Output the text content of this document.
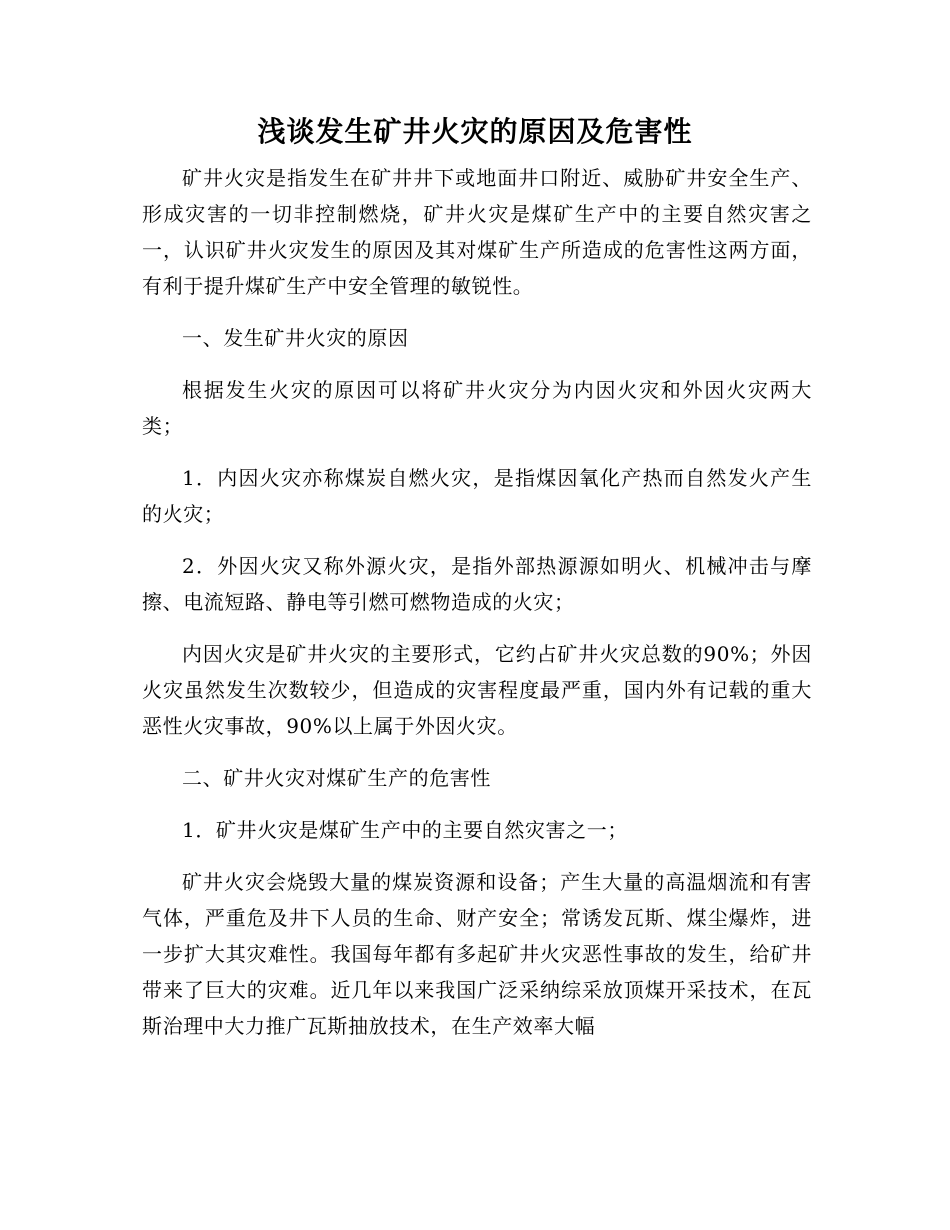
浅谈发生矿井火灾的原因及危害性

矿井火灾是指发生在矿井井下或地面井口附近、威胁矿井安全生产、形成灾害的一切非控制燃烧，矿井火灾是煤矿生产中的主要自然灾害之一，认识矿井火灾发生的原因及其对煤矿生产所造成的危害性这两方面，有利于提升煤矿生产中安全管理的敏锐性。

一、发生矿井火灾的原因

根据发生火灾的原因可以将矿井火灾分为内因火灾和外因火灾两大类；

1．内因火灾亦称煤炭自燃火灾，是指煤因氧化产热而自然发火产生的火灾；

2．外因火灾又称外源火灾，是指外部热源源如明火、机械冲击与摩擦、电流短路、静电等引燃可燃物造成的火灾；

内因火灾是矿井火灾的主要形式，它约占矿井火灾总数的90%；外因火灾虽然发生次数较少，但造成的灾害程度最严重，国内外有记载的重大恶性火灾事故，90%以上属于外因火灾。

二、矿井火灾对煤矿生产的危害性

1．矿井火灾是煤矿生产中的主要自然灾害之一；

矿井火灾会烧毁大量的煤炭资源和设备；产生大量的高温烟流和有害气体，严重危及井下人员的生命、财产安全；常诱发瓦斯、煤尘爆炸，进一步扩大其灾难性。我国每年都有多起矿井火灾恶性事故的发生，给矿井带来了巨大的灾难。近几年以来我国广泛采纳综采放顶煤开采技术，在瓦斯治理中大力推广瓦斯抽放技术，在生产效率大幅
